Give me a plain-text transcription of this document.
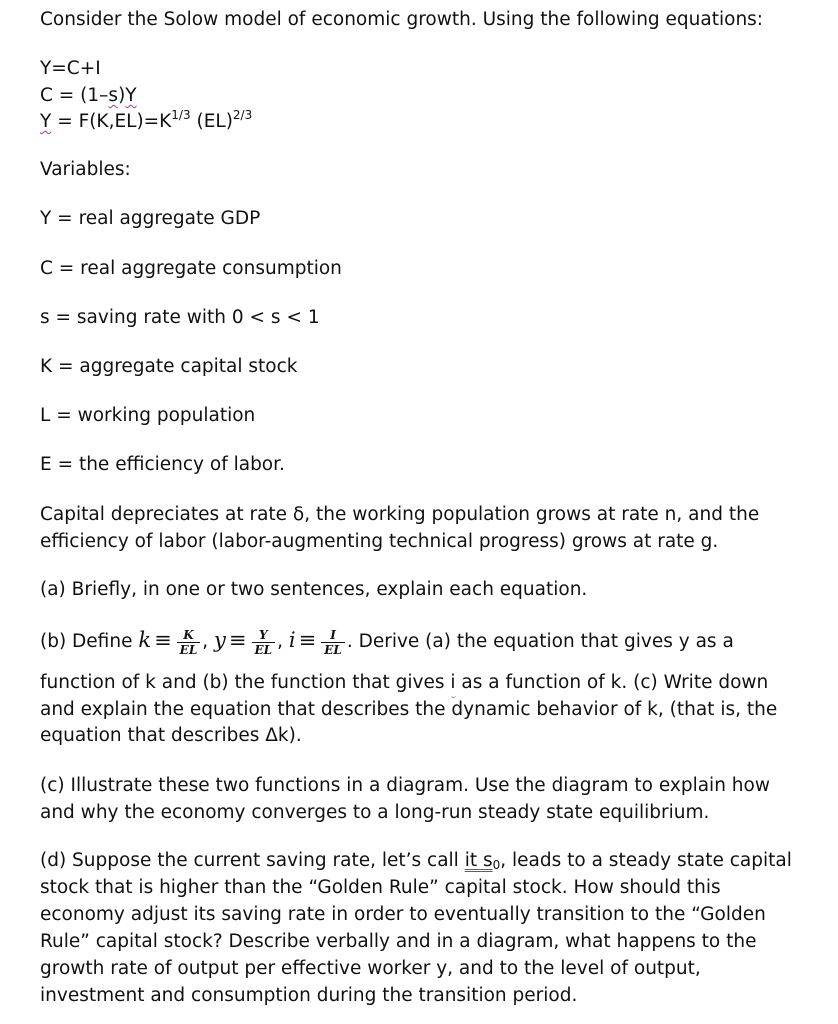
Consider the Solow model of economic growth. Using the following equations:
Y=C+I
C = (1–s)Y
$Y = F(K,EL)=K^{1/3}$ (EL)$^{2/3}$
Variables:
Y = real aggregate GDP
C = real aggregate consumption
s = saving rate with 0 < s < 1
K = aggregate capital stock
L = working population
E = the efficiency of labor.
Capital depreciates at rate δ, the working population grows at rate n, and the efficiency of labor (labor-augmenting technical progress) grows at rate g.
(a) Briefly, in one or two sentences, explain each equation.
(b) Define $k \equiv \frac{K}{EL}$ , $y \equiv \frac{Y}{EL}$ , $i \equiv \frac{I}{EL}$ . Derive (a) the equation that gives y as a
function of k and (b) the function that gives i as a function of k. (c) Write down
and explain the equation that describes the dynamic behavior of k, (that is, the
equation that describes Δk).
(c) Illustrate these two functions in a diagram. Use the diagram to explain how and why the economy converges to a long-run steady state equilibrium.
(d) Suppose the current saving rate, let’s call it $s_0$, leads to a steady state capital stock that is higher than the “Golden Rule” capital stock. How should this economy adjust its saving rate in order to eventually transition to the “Golden Rule” capital stock? Describe verbally and in a diagram, what happens to the growth rate of output per effective worker y, and to the level of output, investment and consumption during the transition period.
